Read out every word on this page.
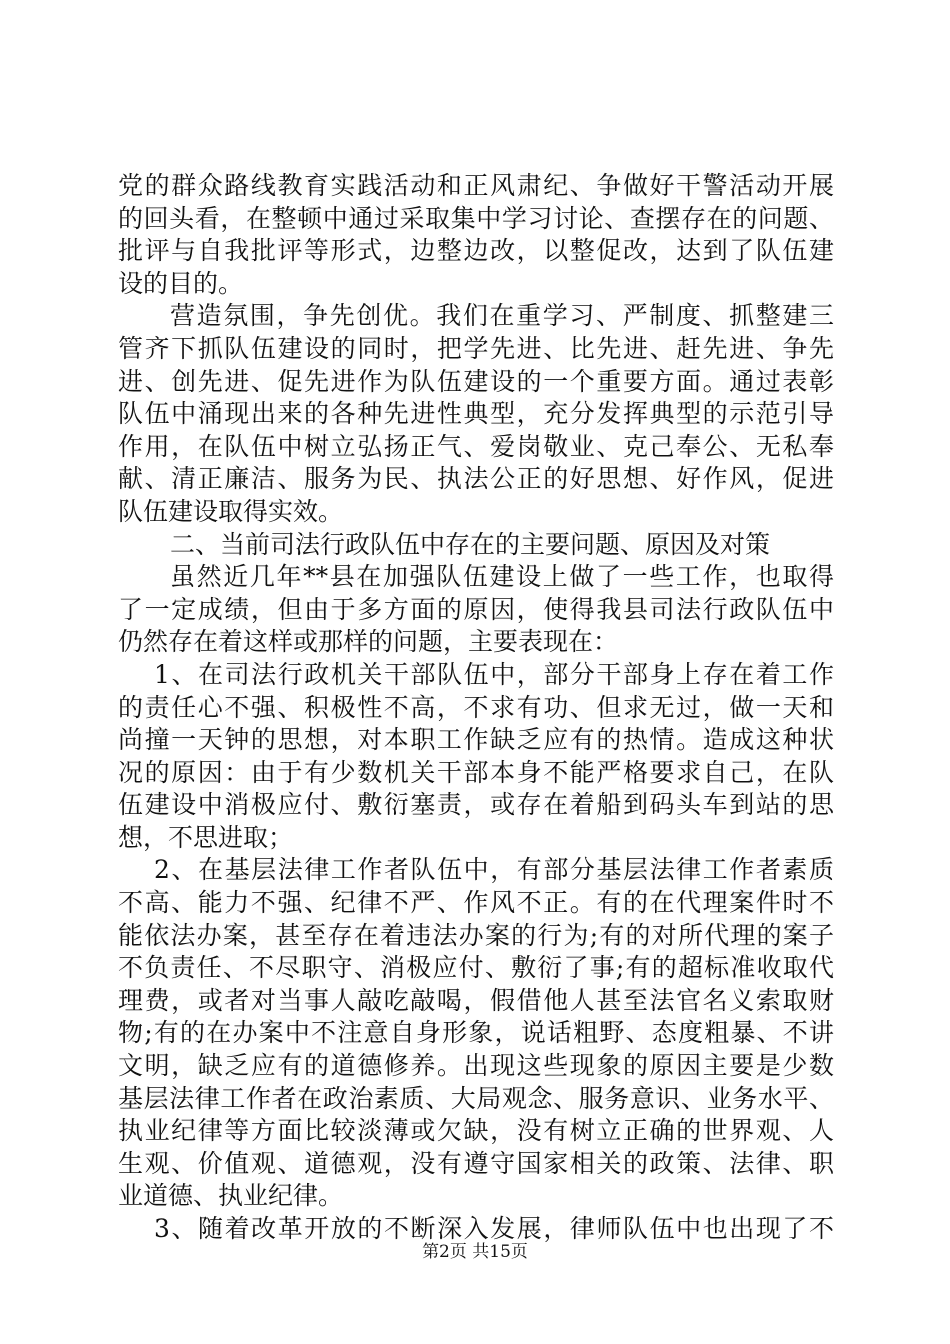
党的群众路线教育实践活动和正风肃纪、争做好干警活动开展
的回头看，在整顿中通过采取集中学习讨论、查摆存在的问题、
批评与自我批评等形式，边整边改，以整促改，达到了队伍建
设的目的。
营造氛围，争先创优。我们在重学习、严制度、抓整建三
管齐下抓队伍建设的同时，把学先进、比先进、赶先进、争先
进、创先进、促先进作为队伍建设的一个重要方面。通过表彰
队伍中涌现出来的各种先进性典型，充分发挥典型的示范引导
作用，在队伍中树立弘扬正气、爱岗敬业、克己奉公、无私奉
献、清正廉洁、服务为民、执法公正的好思想、好作风，促进
队伍建设取得实效。
二、当前司法行政队伍中存在的主要问题、原因及对策
虽然近几年**县在加强队伍建设上做了一些工作，也取得
了一定成绩，但由于多方面的原因，使得我县司法行政队伍中
仍然存在着这样或那样的问题，主要表现在：
1、在司法行政机关干部队伍中，部分干部身上存在着工作
的责任心不强、积极性不高，不求有功、但求无过，做一天和
尚撞一天钟的思想，对本职工作缺乏应有的热情。造成这种状
况的原因：由于有少数机关干部本身不能严格要求自己，在队
伍建设中消极应付、敷衍塞责，或存在着船到码头车到站的思
想，不思进取；
2、在基层法律工作者队伍中，有部分基层法律工作者素质
不高、能力不强、纪律不严、作风不正。有的在代理案件时不
能依法办案，甚至存在着违法办案的行为;有的对所代理的案子
不负责任、不尽职守、消极应付、敷衍了事;有的超标准收取代
理费，或者对当事人敲吃敲喝，假借他人甚至法官名义索取财
物;有的在办案中不注意自身形象，说话粗野、态度粗暴、不讲
文明，缺乏应有的道德修养。出现这些现象的原因主要是少数
基层法律工作者在政治素质、大局观念、服务意识、业务水平、
执业纪律等方面比较淡薄或欠缺，没有树立正确的世界观、人
生观、价值观、道德观，没有遵守国家相关的政策、法律、职
业道德、执业纪律。
3、随着改革开放的不断深入发展，律师队伍中也出现了不
第2页 共15页
